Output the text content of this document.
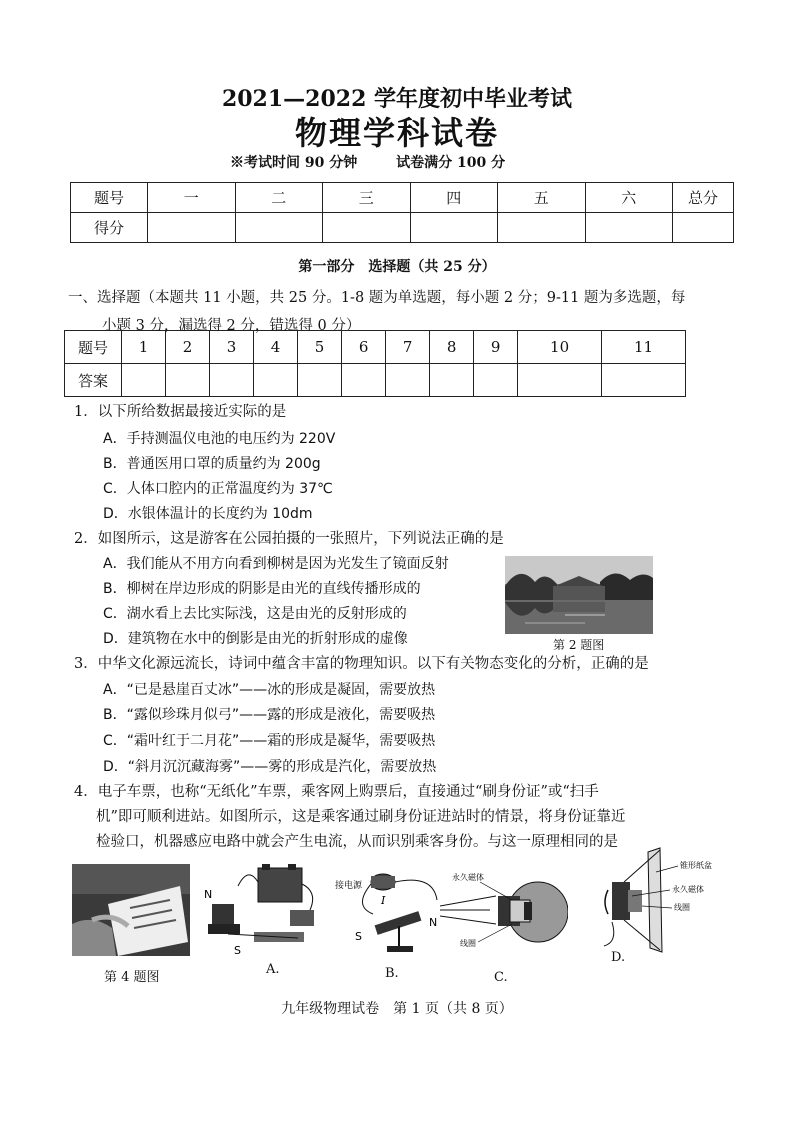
2021—2022 学年度初中毕业考试
物理学科试卷
※考试时间 90 分钟	试卷满分 100 分
题号	一	二	三	四	五	六	总分
得分							
第一部分　选择题（共 25 分）
一、选择题（本题共 11 小题，共 25 分。1-8 题为单选题，每小题 2 分；9-11 题为多选题，每
小题 3 分，漏选得 2 分，错选得 0 分）
题号	1	2	3	4	5	6	7	8	9	10	11
答案											
1．以下所给数据最接近实际的是
A．手持测温仪电池的电压约为 220V
B．普通医用口罩的质量约为 200g
C．人体口腔内的正常温度约为 37℃
D．水银体温计的长度约为 10dm
2．如图所示，这是游客在公园拍摄的一张照片，下列说法正确的是
A．我们能从不用方向看到柳树是因为光发生了镜面反射
B．柳树在岸边形成的阴影是由光的直线传播形成的
C．湖水看上去比实际浅，这是由光的反射形成的
D．建筑物在水中的倒影是由光的折射形成的虚像	第 2 题图
3．中华文化源远流长，诗词中蕴含丰富的物理知识。以下有关物态变化的分析，正确的是
A．“已是悬崖百丈冰”——冰的形成是凝固，需要放热
B．“露似珍珠月似弓”——露的形成是液化，需要吸热
C．“霜叶红于二月花”——霜的形成是凝华，需要吸热
D．“斜月沉沉藏海雾”——雾的形成是汽化，需要放热
4．电子车票，也称“无纸化”车票，乘客网上购票后，直接通过“刷身份证”或“扫手
机”即可顺利进站。如图所示，这是乘客通过刷身份证进站时的情景，将身份证靠近
检验口，机器感应电路中就会产生电流，从而识别乘客身份。与这一原理相同的是
第 4 题图
N
S
A.
接电源
I
N
S
B.
永久磁体
线圈
C.
锥形纸盆
永久磁体
线圈
D.
九年级物理试卷　第 1 页（共 8 页）
